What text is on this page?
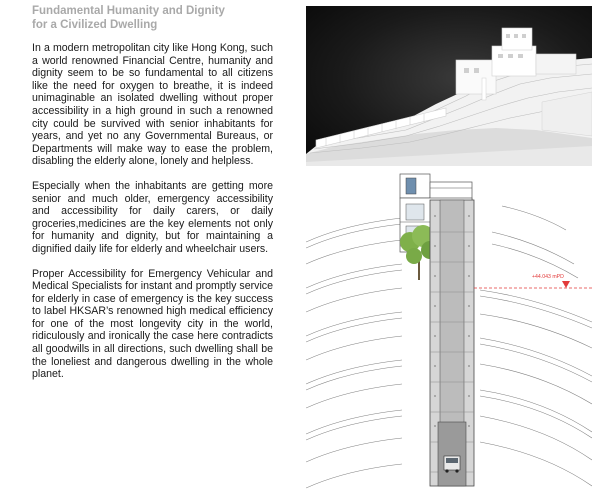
Fundamental Humanity and Dignity
for a Civilized Dwelling

In a modern metropolitan city like Hong Kong, such a world renowned Financial Centre, humanity and dignity seem to be so fundamental to all citizens like the need for oxygen to breathe, it is indeed unimaginable an isolated dwelling without proper accessibility in a high ground in such a renowned city could be survived with senior inhabitants for years, and yet no any Governmental Bureaus, or Departments will make way to ease the problem, disabling the elderly alone, lonely and helpless.

Especially when the inhabitants are getting more senior and much older, emergency accessibility and accessibility for daily carers, or daily groceries,medicines are the key elements not only for humanity and dignity, but for maintaining a dignified daily life for elderly and wheelchair users.

Proper Accessibility for Emergency Vehicular and Medical Specialists for instant and promptly service for elderly in case of emergency is the key success to label HKSAR’s renowned high medical efficiency for one of the most longevity city in the world, ridiculously and ironically the case here contradicts all goodwills in all directions, such dwelling shall be the loneliest and dangerous dwelling in the whole planet.

+44.043 mPD
